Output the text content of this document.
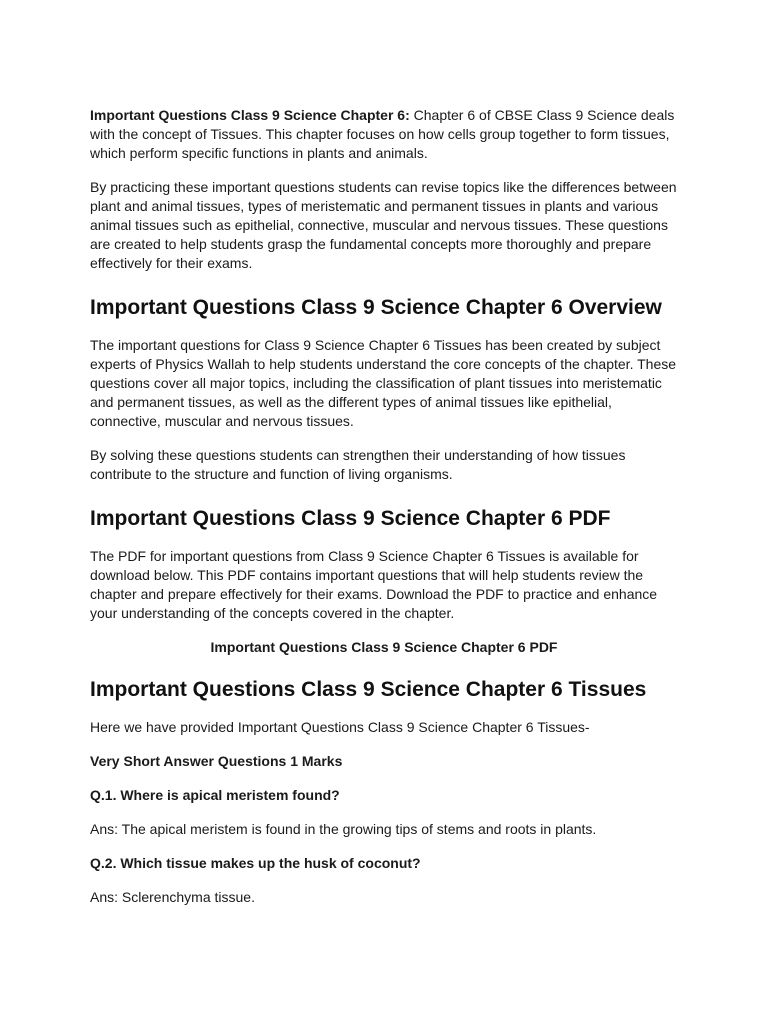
Important Questions Class 9 Science Chapter 6: Chapter 6 of CBSE Class 9 Science deals with the concept of Tissues. This chapter focuses on how cells group together to form tissues, which perform specific functions in plants and animals.

By practicing these important questions students can revise topics like the differences between plant and animal tissues, types of meristematic and permanent tissues in plants and various animal tissues such as epithelial, connective, muscular and nervous tissues. These questions are created to help students grasp the fundamental concepts more thoroughly and prepare effectively for their exams.

Important Questions Class 9 Science Chapter 6 Overview

The important questions for Class 9 Science Chapter 6 Tissues has been created by subject experts of Physics Wallah to help students understand the core concepts of the chapter. These questions cover all major topics, including the classification of plant tissues into meristematic and permanent tissues, as well as the different types of animal tissues like epithelial, connective, muscular and nervous tissues.

By solving these questions students can strengthen their understanding of how tissues contribute to the structure and function of living organisms.

Important Questions Class 9 Science Chapter 6 PDF

The PDF for important questions from Class 9 Science Chapter 6 Tissues is available for download below. This PDF contains important questions that will help students review the chapter and prepare effectively for their exams. Download the PDF to practice and enhance your understanding of the concepts covered in the chapter.

Important Questions Class 9 Science Chapter 6 PDF

Important Questions Class 9 Science Chapter 6 Tissues

Here we have provided Important Questions Class 9 Science Chapter 6 Tissues-

Very Short Answer Questions 1 Marks

Q.1. Where is apical meristem found?

Ans: The apical meristem is found in the growing tips of stems and roots in plants.

Q.2. Which tissue makes up the husk of coconut?

Ans: Sclerenchyma tissue.
